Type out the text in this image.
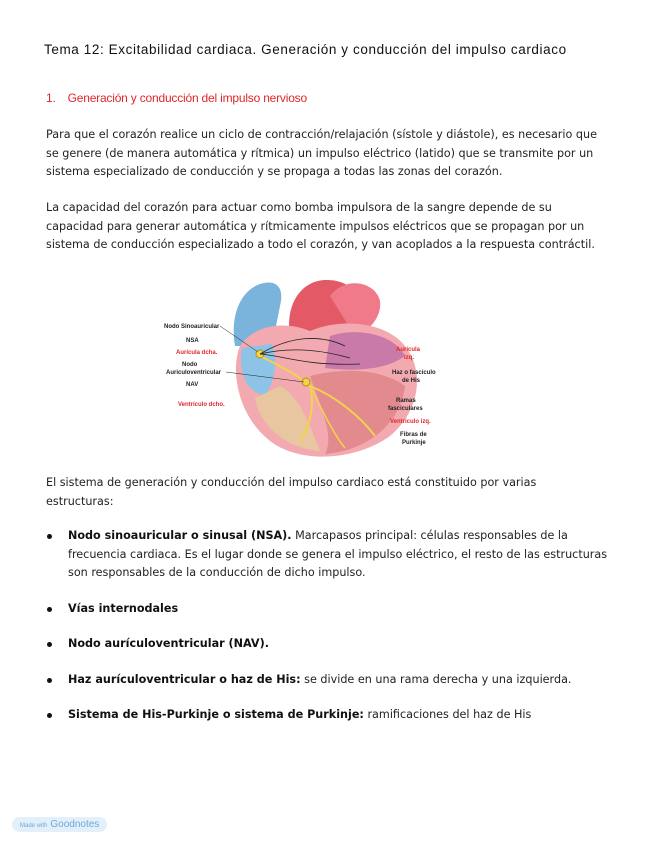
Tema 12: Excitabilidad cardiaca. Generación y conducción del impulso cardiaco
1. Generación y conducción del impulso nervioso
Para que el corazón realice un ciclo de contracción/relajación (sístole y diástole), es necesario que se genere (de manera automática y rítmica) un impulso eléctrico (latido) que se transmite por un sistema especializado de conducción y se propaga a todas las zonas del corazón.
La capacidad del corazón para actuar como bomba impulsora de la sangre depende de su capacidad para generar automática y rítmicamente impulsos eléctricos que se propagan por un sistema de conducción especializado a todo el corazón, y van acoplados a la respuesta contráctil.
Nodo Sinoauricular
NSA
Aurícula dcha.
Nodo
Auriculoventricular
NAV
Ventrículo dcho.
Aurícula
izq.
Haz o fascículo
de His
Ramas
fasciculares
Ventrículo izq.
Fibras de
Purkinje
El sistema de generación y conducción del impulso cardiaco está constituido por varias estructuras:
Nodo sinoauricular o sinusal (NSA). Marcapasos principal: células responsables de la frecuencia cardiaca. Es el lugar donde se genera el impulso eléctrico, el resto de las estructuras son responsables de la conducción de dicho impulso.
Vías internodales
Nodo aurículoventricular (NAV).
Haz aurículoventricular o haz de His: se divide en una rama derecha y una izquierda.
Sistema de His-Purkinje o sistema de Purkinje: ramificaciones del haz de His
Made with Goodnotes
